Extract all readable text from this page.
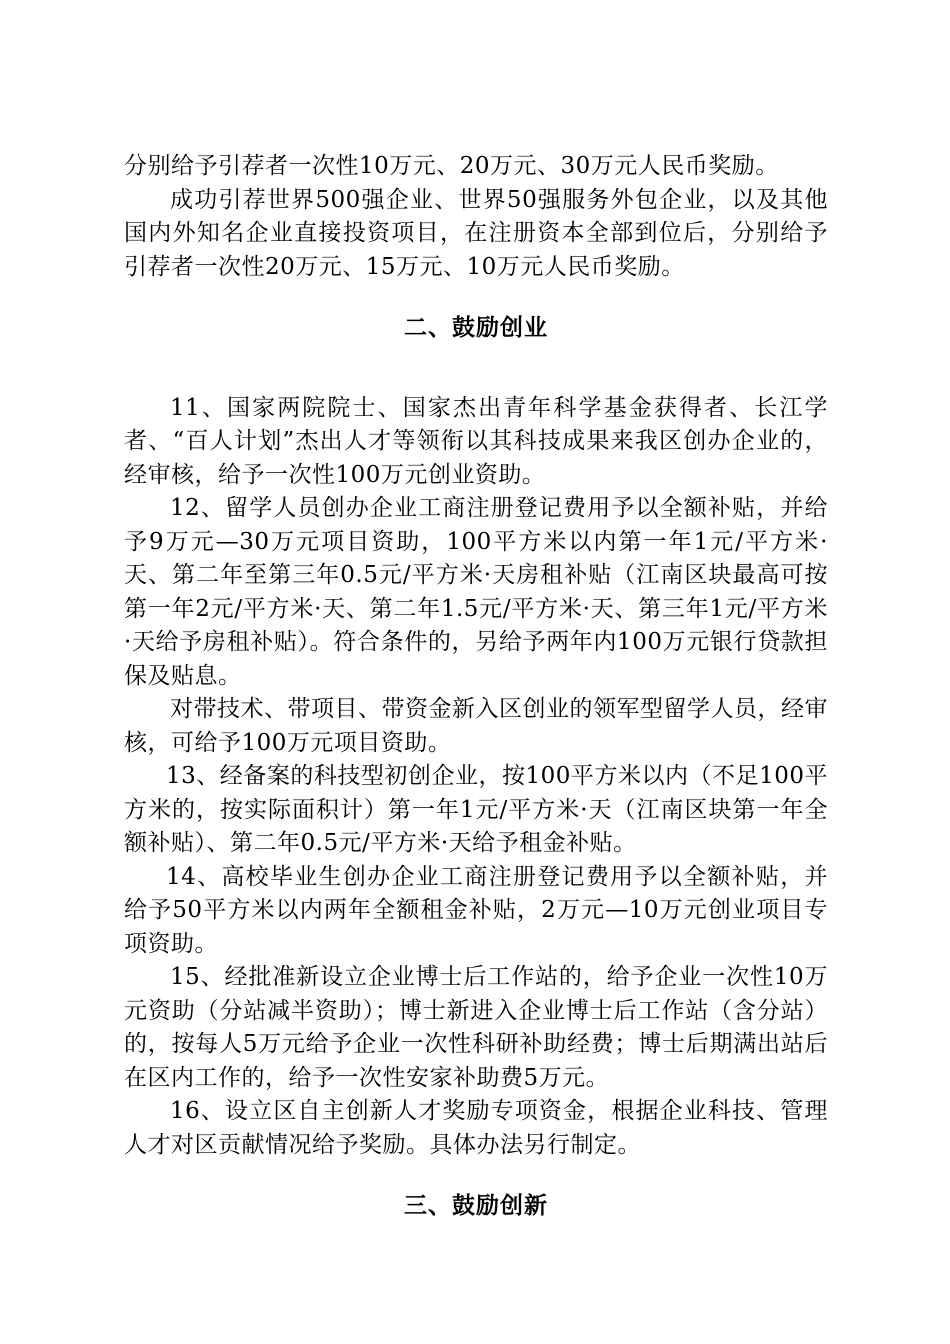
分别给予引荐者一次性10万元、20万元、30万元人民币奖励。

成功引荐世界500强企业、世界50强服务外包企业，以及其他国内外知名企业直接投资项目，在注册资本全部到位后，分别给予引荐者一次性20万元、15万元、10万元人民币奖励。

二、鼓励创业

11、国家两院院士、国家杰出青年科学基金获得者、长江学者、“百人计划”杰出人才等领衔以其科技成果来我区创办企业的，经审核，给予一次性100万元创业资助。

12、留学人员创办企业工商注册登记费用予以全额补贴，并给予9万元—30万元项目资助，100平方米以内第一年1元/平方米·天、第二年至第三年0.5元/平方米·天房租补贴（江南区块最高可按第一年2元/平方米·天、第二年1.5元/平方米·天、第三年1元/平方米·天给予房租补贴）。符合条件的，另给予两年内100万元银行贷款担保及贴息。

对带技术、带项目、带资金新入区创业的领军型留学人员，经审核，可给予100万元项目资助。

13、经备案的科技型初创企业，按100平方米以内（不足100平方米的，按实际面积计）第一年1元/平方米·天（江南区块第一年全额补贴）、第二年0.5元/平方米·天给予租金补贴。

14、高校毕业生创办企业工商注册登记费用予以全额补贴，并给予50平方米以内两年全额租金补贴，2万元—10万元创业项目专项资助。

15、经批准新设立企业博士后工作站的，给予企业一次性10万元资助（分站减半资助）；博士新进入企业博士后工作站（含分站）的，按每人5万元给予企业一次性科研补助经费；博士后期满出站后在区内工作的，给予一次性安家补助费5万元。

16、设立区自主创新人才奖励专项资金，根据企业科技、管理人才对区贡献情况给予奖励。具体办法另行制定。

三、鼓励创新
